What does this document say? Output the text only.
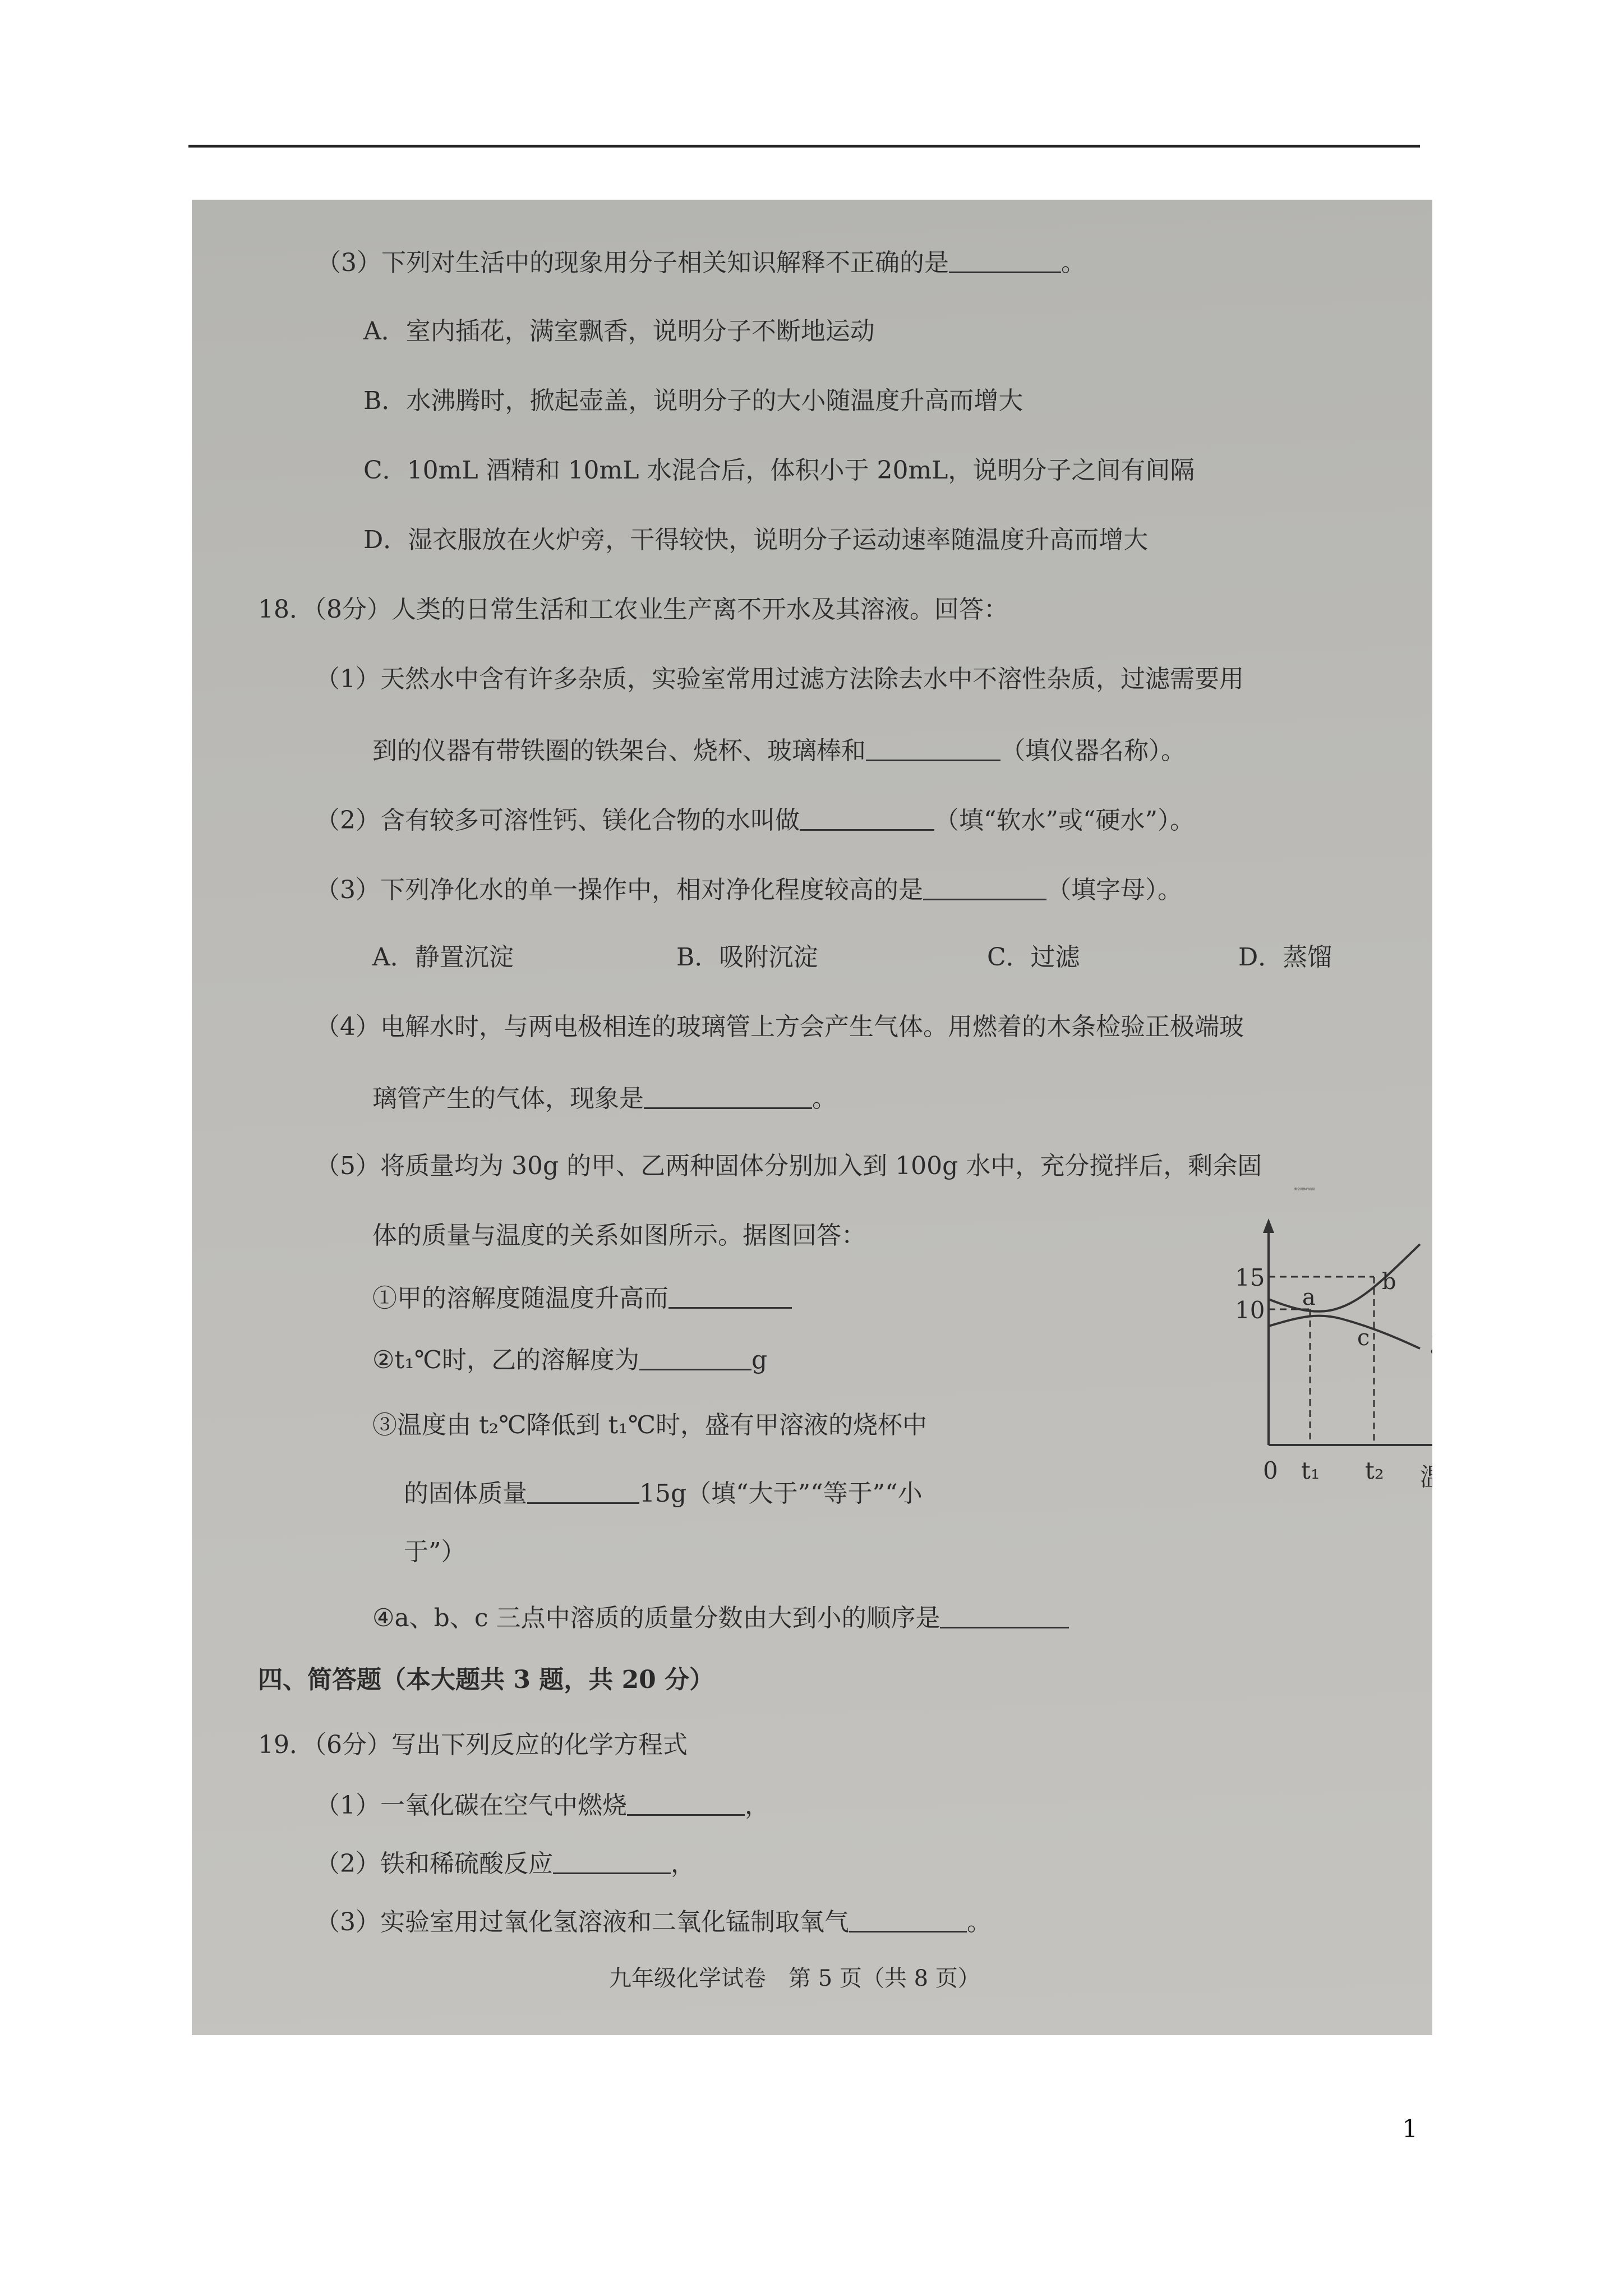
（3）下列对生活中的现象用分子相关知识解释不正确的是	。
A．室内插花，满室飘香，说明分子不断地运动
B．水沸腾时，掀起壶盖，说明分子的大小随温度升高而增大
C．10mL 酒精和 10mL 水混合后，体积小于 20mL，说明分子之间有间隔
D．湿衣服放在火炉旁，干得较快，说明分子运动速率随温度升高而增大
18．（8分）人类的日常生活和工农业生产离不开水及其溶液。回答：
（1）天然水中含有许多杂质，实验室常用过滤方法除去水中不溶性杂质，过滤需要用
到的仪器有带铁圈的铁架台、烧杯、玻璃棒和	（填仪器名称）。
（2）含有较多可溶性钙、镁化合物的水叫做	（填“软水”或“硬水”）。
（3）下列净化水的单一操作中，相对净化程度较高的是	（填字母）。
A．静置沉淀	B．吸附沉淀	C．过滤	D．蒸馏
（4）电解水时，与两电极相连的玻璃管上方会产生气体。用燃着的木条检验正极端玻
璃管产生的气体，现象是	。
（5）将质量均为 30g 的甲、乙两种固体分别加入到 100g 水中，充分搅拌后，剩余固
体的质量与温度的关系如图所示。据图回答：
①甲的溶解度随温度升高而
②t₁℃时，乙的溶解度为	g
③温度由 t₂℃降低到 t₁℃时，盛有甲溶液的烧杯中
的固体质量	15g（填“大于”“等于”“小
于”）
④a、b、c 三点中溶质的质量分数由大到小的顺序是
四、简答题（本大题共 3 题，共 20 分）
19．（6分）写出下列反应的化学方程式
（1）一氧化碳在空气中燃烧	，
（2）铁和稀硫酸反应	，
（3）实验室用过氧化氢溶液和二氧化锰制取氧气	。
九年级化学试卷　第 5 页（共 8 页）
剩余固体的质量
15
10
0 t₁ t₂ 温度/℃
a
b
c
甲
乙
1
